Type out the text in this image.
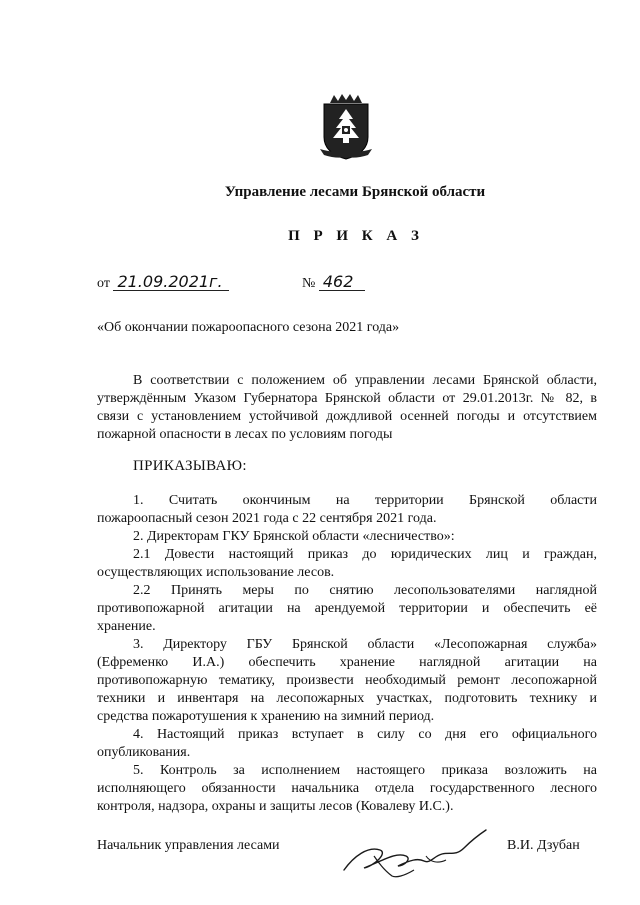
Управление лесами Брянской области
П Р И К А З
от 21.09.2021г.	№ 462
«Об окончании пожароопасного сезона 2021 года»
В соответствии с положением об управлении лесами Брянской области,
утверждённым Указом Губернатора Брянской области от 29.01.2013г. № 82, в
связи с установлением устойчивой дождливой осенней погоды и отсутствием
пожарной опасности в лесах по условиям погоды
ПРИКАЗЫВАЮ:
1. Считать окончиным на территории Брянской области
пожароопасный сезон 2021 года с 22 сентября 2021 года.
2. Директорам ГКУ Брянской области «лесничество»:
2.1 Довести настоящий приказ до юридических лиц и граждан,
осуществляющих использование лесов.
2.2 Принять меры по снятию лесопользователями наглядной
противопожарной агитации на арендуемой территории и обеспечить её
хранение.
3. Директору ГБУ Брянской области «Лесопожарная служба»
(Ефременко И.А.) обеспечить хранение наглядной агитации на
противопожарную тематику, произвести необходимый ремонт лесопожарной
техники и инвентаря на лесопожарных участках, подготовить технику и
средства пожаротушения к хранению на зимний период.
4. Настоящий приказ вступает в силу со дня его официального
опубликования.
5. Контроль за исполнением настоящего приказа возложить на
исполняющего обязанности начальника отдела государственного лесного
контроля, надзора, охраны и защиты лесов (Ковалеву И.С.).
Начальник управления лесами	В.И. Дзубан
